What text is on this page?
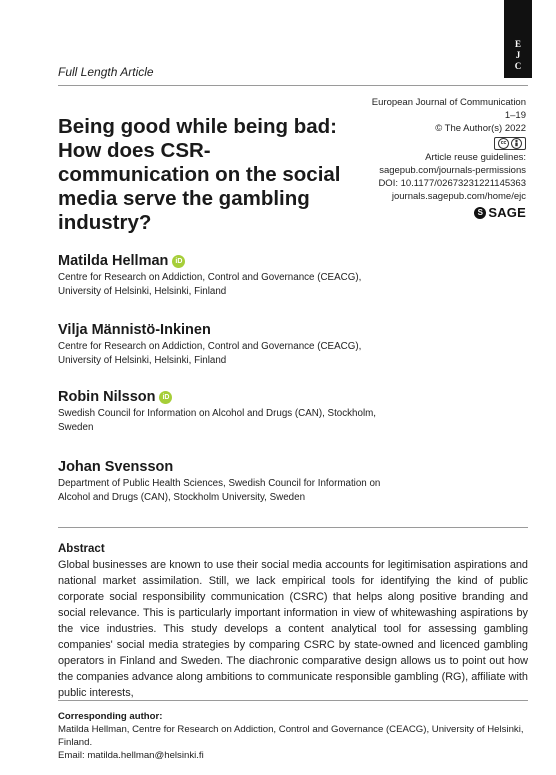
E
J
C
Full Length Article
Being good while being bad: How does CSR-communication on the social media serve the gambling industry?
European Journal of Communication
1–19
© The Author(s) 2022
cc
Article reuse guidelines:
sagepub.com/journals-permissions
DOI: 10.1177/02673231221145363
journals.sagepub.com/home/ejc
S SAGE
Matilda Hellman	iD
Centre for Research on Addiction, Control and Governance (CEACG), University of Helsinki, Helsinki, Finland
Vilja Männistö-Inkinen
Centre for Research on Addiction, Control and Governance (CEACG), University of Helsinki, Helsinki, Finland
Robin Nilsson	iD
Swedish Council for Information on Alcohol and Drugs (CAN), Stockholm, Sweden
Johan Svensson
Department of Public Health Sciences, Swedish Council for Information on Alcohol and Drugs (CAN), Stockholm University, Sweden
Abstract
Global businesses are known to use their social media accounts for legitimisation aspirations and national market assimilation. Still, we lack empirical tools for identifying the kind of public corporate social responsibility communication (CSRC) that helps along positive branding and social relevance. This is particularly important information in view of whitewashing aspirations by the vice industries. This study develops a content analytical tool for assessing gambling companies' social media strategies by comparing CSRC by state-owned and licenced gambling operators in Finland and Sweden. The diachronic comparative design allows us to point out how the companies advance along ambitions to communicate responsible gambling (RG), affiliate with public interests,
Corresponding author:
Matilda Hellman, Centre for Research on Addiction, Control and Governance (CEACG), University of Helsinki, Finland.
Email: matilda.hellman@helsinki.fi
